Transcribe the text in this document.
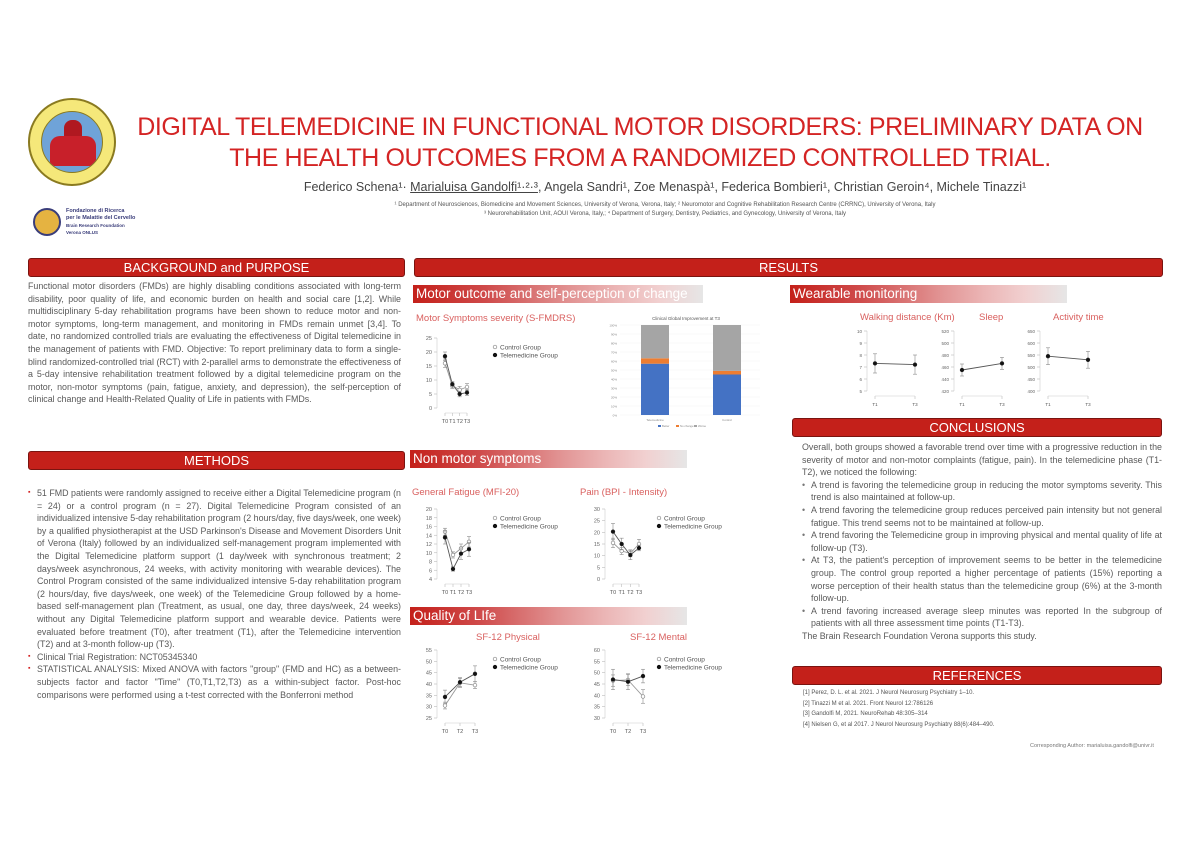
Fondazione di Ricerca
per le Malattie del Cervello
Brain Research Foundation
Verona ONLUS
DIGITAL TELEMEDICINE IN FUNCTIONAL MOTOR DISORDERS: PRELIMINARY DATA ON
THE HEALTH OUTCOMES FROM A RANDOMIZED CONTROLLED TRIAL.
Federico Schena¹· Marialuisa Gandolfi¹·²·³, Angela Sandri¹, Zoe Menaspà¹, Federica Bombieri¹, Christian Geroin⁴, Michele Tinazzi¹
¹ Department of Neurosciences, Biomedicine and Movement Sciences, University of Verona, Verona, Italy; ² Neuromotor and Cognitive Rehabilitation Research Centre (CRRNC), University of Verona, Italy
³ Neurorehabilitation Unit, AOUI Verona, Italy,; ⁴ Department of Surgery, Dentistry, Pediatrics, and Gynecology, University of Verona, Italy
BACKGROUND and PURPOSE
Functional motor disorders (FMDs) are highly disabling conditions associated with long-term disability, poor quality of life, and economic burden on health and social care [1,2]. While multidisciplinary 5-day rehabilitation programs have been shown to reduce motor and non-motor symptoms, long-term management, and monitoring in FMDs remain unmet [3,4]. To date, no randomized controlled trials are evaluating the effectiveness of Digital telemedicine in the management of patients with FMD. Objective: To report preliminary data to form a single-blind randomized-controlled trial (RCT) with 2-parallel arms to demonstrate the effectiveness of a 5-day intensive rehabilitation treatment followed by a digital telemedicine program on the motor, non-motor symptoms (pain, fatigue, anxiety, and depression), the self-perception of clinical change and Health-Related Quality of Life in patients with FMDs.
METHODS
▪ 51 FMD patients were randomly assigned to receive either a Digital Telemedicine program (n = 24) or a control program (n = 27). Digital Telemedicine Program consisted of an individualized intensive 5-day rehabilitation program (2 hours/day, five days/week, one week) by a qualified physiotherapist at the USD Parkinson's Disease and Movement Disorders Unit of Verona (Italy) followed by an individualized self-management program implemented with the Digital Telemedicine platform support (1 day/week with synchronous treatment; 2 days/week asynchronous, 24 weeks, with activity monitoring with wearable devices). The Control Program consisted of the same individualized intensive 5-day rehabilitation program (2 hours/day, five days/week, one week) of the Telemedicine Group followed by a home-based self-management plan (Treatment, as usual, one day, three days/week, 24 weeks) without any Digital Telemedicine platform support and wearable device. Patients were evaluated before treatment (T0), after treatment (T1), after the Telemedicine intervention (T2) and at 3-month follow-up (T3).
▪ Clinical Trial Registration: NCT05345340
▪ STATISTICAL ANALYSIS: Mixed ANOVA with factors "group" (FMD and HC) as a between-subjects factor and factor "Time" (T0,T1,T2,T3) as a within-subject factor. Post-hoc comparisons were performed using a t-test corrected with the Bonferroni method
RESULTS
Motor outcome and self-perception of change
Motor Symptoms severity (S-FMDRS)
0
5
10
15
20
25
T0 T1 T2 T3
Control Group
Telemedicine Group
Clinical Global Improvement at T3
0%
10%
20%
30%
40%
50%
60%
70%
80%
90%
100%
Telemedicine	Control
Better	No change Worse
Wearable monitoring
Walking distance (Km)	Sleep	Activity time
5
6
7
8
9
10
T1	T3
420
440
460
480
500
520
T1	T3
400
450
500
550
600
650
T1	T3
Non motor symptoms
General Fatigue (MFI-20)	Pain (BPI - Intensity)
4
6
8
10
12
14
16
18
20
T0 T1 T2 T3
Control Group
Telemedicine Group
0
5
10
15
20
25
30
T0 T1 T2 T3
Control Group
Telemedicine Group
Quality of LIfe
SF-12 Physical	SF-12 Mental
25
30
35
40
45
50
55
T0 T2 T3
Control Group
Telemedicine Group
30
35
40
45
50
55
60
T0 T2 T3
Control Group
Telemedicine Group
CONCLUSIONS
Overall, both groups showed a favorable trend over time with a progressive reduction in the severity of motor and non-motor complaints (fatigue, pain). In the telemedicine phase (T1-T2), we noticed the following:
• A trend is favoring the telemedicine group in reducing the motor symptoms severity. This trend is also maintained at follow-up.
• A trend favoring the telemedicine group reduces perceived pain intensity but not general fatigue. This trend seems not to be maintained at follow-up.
• A trend favoring the Telemedicine group in improving physical and mental quality of life at follow-up (T3).
• At T3, the patient's perception of improvement seems to be better in the telemedicine group. The control group reported a higher percentage of patients (15%) reporting a worse perception of their health status than the telemedicine group (6%) at the 3-month follow-up.
• A trend favoring increased average sleep minutes was reported In the subgroup of patients with all three assessment time points (T1-T3).
The Brain Research Foundation Verona supports this study.
REFERENCES
[1] Perez, D. L. et al. 2021. J Neurol Neurosurg Psychiatry 1–10.
[2] Tinazzi M et al. 2021. Front Neurol 12:786126
[3] Gandolfi M, 2021. NeuroRehab 48:305–314
[4] Nielsen G, et al 2017. J Neurol Neurosurg Psychiatry 88(6):484–490.
Corresponding Author: marialuisa.gandolfi@univr.it
